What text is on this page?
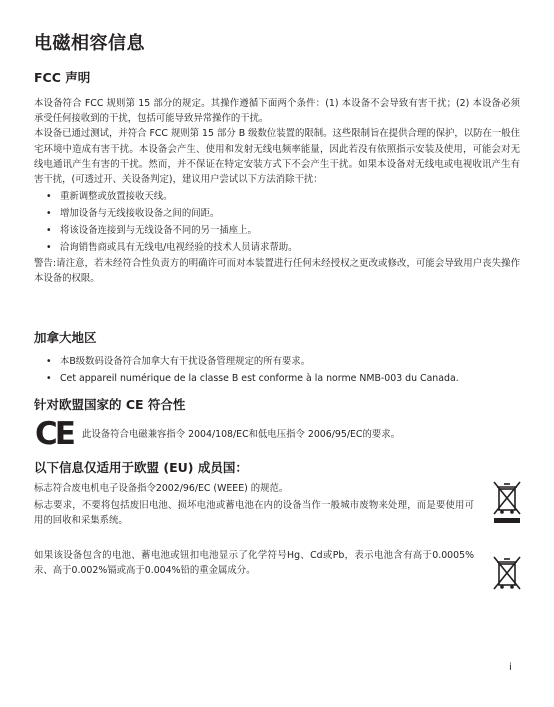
电磁相容信息
FCC 声明

本设备符合 FCC 规则第 15 部分的规定。其操作遵循下面两个条件：(1) 本设备不会导致有害干扰；(2) 本设备必须承受任何接收到的干扰，包括可能导致异常操作的干扰。

本设备已通过测试，并符合 FCC 规则第 15 部分 B 级数位装置的限制。这些限制旨在提供合理的保护，以防在一般住宅环境中造成有害干扰。本设备会产生、使用和发射无线电频率能量，因此若没有依照指示安装及使用，可能会对无线电通讯产生有害的干扰。然而，并不保证在特定安装方式下不会产生干扰。如果本设备对无线电或电视收讯产生有害干扰，(可透过开、关设备判定)，建议用户尝试以下方法消除干扰：

• 重新调整或放置接收天线。
• 增加设备与无线接收设备之间的间距。
• 将该设备连接到与无线设备不同的另一插座上。
• 洽询销售商或具有无线电/电视经验的技术人员请求帮助。

警告:请注意，若未经符合性负责方的明确许可而对本装置进行任何未经授权之更改或修改，可能会导致用户丧失操作本设备的权限。

加拿大地区
• 本B级数码设备符合加拿大有干扰设备管理规定的所有要求。
• Cet appareil numérique de la classe B est conforme à la norme NMB-003 du Canada.
针对欧盟国家的 CE 符合性
CE 此设备符合电磁兼容指令 2004/108/EC和低电压指令 2006/95/EC的要求。
以下信息仅适用于欧盟 (EU) 成员国：

标志符合废电机电子设备指令2002/96/EC (WEEE) 的规范。

标志要求，不要将包括废旧电池、损坏电池或蓄电池在内的设备当作一般城市废物来处理，而是要使用可用的回收和采集系统。

如果该设备包含的电池、蓄电池或钮扣电池显示了化学符号Hg、Cd或Pb，表示电池含有高于0.0005%汞、高于0.002%镉或高于0.004%铅的重金属成分。

i
